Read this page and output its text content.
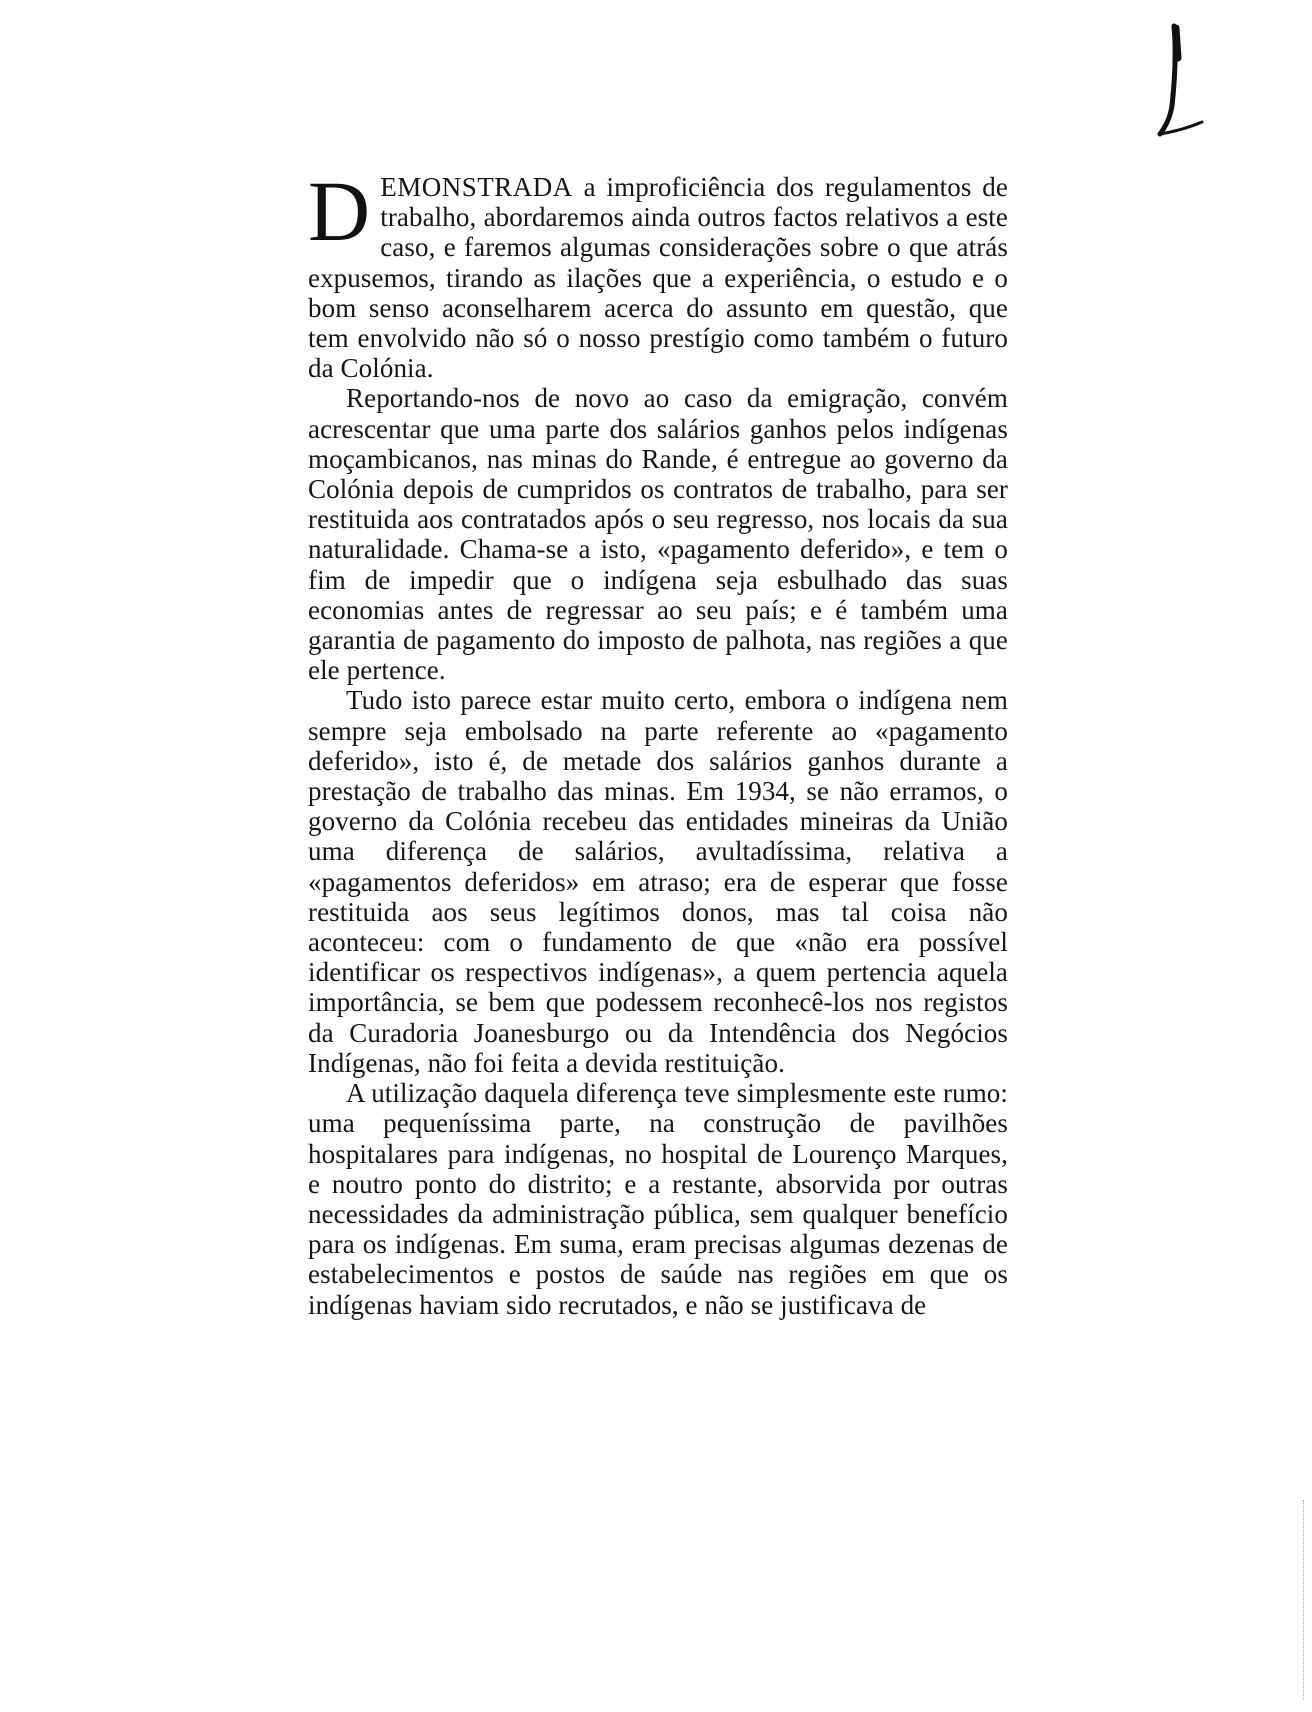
DEMONSTRADA a improficiência dos regulamentos de trabalho, abordaremos ainda outros factos relativos a este caso, e faremos algumas considerações sobre o que atrás expusemos, tirando as ilações que a experiência, o estudo e o bom senso aconselharem acerca do assunto em questão, que tem envolvido não só o nosso prestígio como também o futuro da Colónia.

Reportando-nos de novo ao caso da emigração, convém acrescentar que uma parte dos salários ganhos pelos indígenas moçambicanos, nas minas do Rande, é entregue ao governo da Colónia depois de cumpridos os contratos de trabalho, para ser restituida aos contratados após o seu regresso, nos locais da sua naturalidade. Chama-se a isto, «pagamento deferido», e tem o fim de impedir que o indígena seja esbulhado das suas economias antes de regressar ao seu país; e é também uma garantia de pagamento do imposto de palhota, nas regiões a que ele pertence.

Tudo isto parece estar muito certo, embora o indígena nem sempre seja embolsado na parte referente ao «pagamento deferido», isto é, de metade dos salários ganhos durante a prestação de trabalho das minas. Em 1934, se não erramos, o governo da Colónia recebeu das entidades mineiras da União uma diferença de salários, avultadíssima, relativa a «pagamentos deferidos» em atraso; era de esperar que fosse restituida aos seus legítimos donos, mas tal coisa não aconteceu: com o fundamento de que «não era possível identificar os respectivos indígenas», a quem pertencia aquela importância, se bem que podessem reconhecê-los nos registos da Curadoria Joanesburgo ou da Intendência dos Negócios Indígenas, não foi feita a devida restituição.

A utilização daquela diferença teve simplesmente este rumo: uma pequeníssima parte, na construção de pavilhões hospitalares para indígenas, no hospital de Lourenço Marques, e noutro ponto do distrito; e a restante, absorvida por outras necessidades da administração pública, sem qualquer benefício para os indígenas. Em suma, eram precisas algumas dezenas de estabelecimentos e postos de saúde nas regiões em que os indígenas haviam sido recrutados, e não se justificava de
